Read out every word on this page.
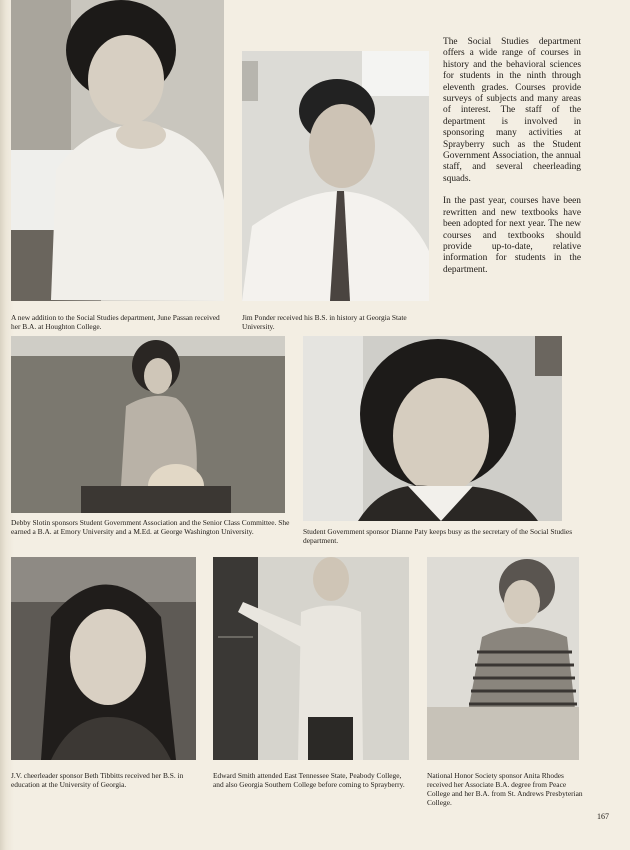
The Social Studies department offers a wide range of courses in history and the behavioral sciences for students in the ninth through eleventh grades. Courses provide surveys of subjects and many areas of interest. The staff of the department is involved in sponsoring many activities at Sprayberry such as the Student Government Association, the annual staff, and several cheerleading squads.

In the past year, courses have been rewritten and new textbooks have been adopted for next year. The new courses and textbooks should provide up-to-date, relative information for students in the department.

A new addition to the Social Studies department, June Passan received her B.A. at Houghton College.

Jim Ponder received his B.S. in history at Georgia State University.

Debby Slotin sponsors Student Government Association and the Senior Class Committee. She earned a B.A. at Emory University and a M.Ed. at George Washington University.	Student Government sponsor Dianne Paty keeps busy as the secretary of the Social Studies department.

J.V. cheerleader sponsor Beth Tibbitts received her B.S. in education at the University of Georgia.

Edward Smith attended East Tennessee State, Peabody College, and also Georgia Southern College before coming to Sprayberry.

National Honor Society sponsor Anita Rhodes received her Associate B.A. degree from Peace College and her B.A. from St. Andrews Presbyterian College.

167
